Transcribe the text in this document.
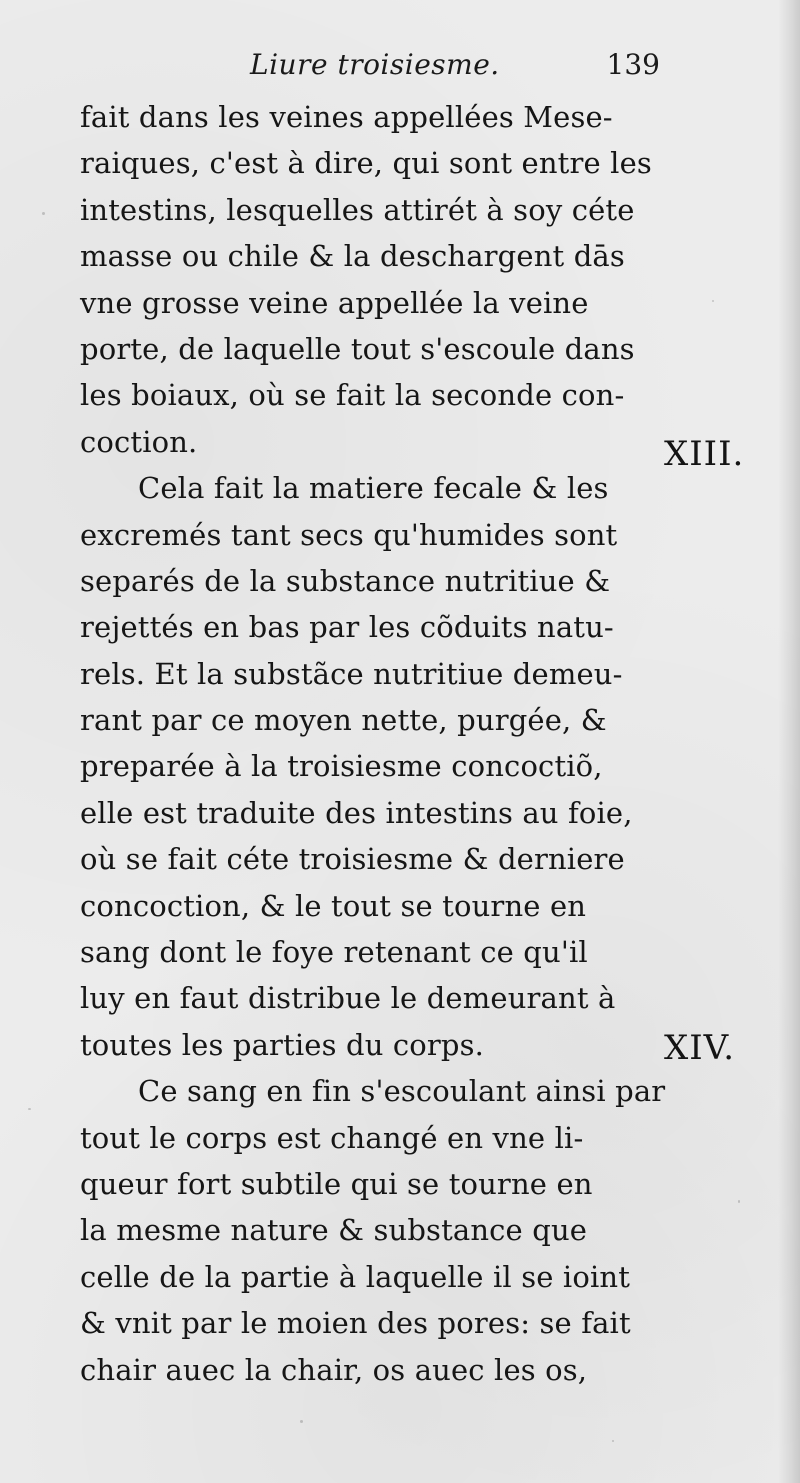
Liure troisiesme.	139
XIII.
XIV.
fait dans les veines appellées Mese-
raiques, c'est à dire, qui sont entre les
intestins, lesquelles attirét à soy céte
masse ou chile & la deschargent dās
vne grosse veine appellée la veine
porte, de laquelle tout s'escoule dans
les boiaux, où se fait la seconde con-
coction.
Cela fait la matiere fecale & les
excremés tant secs qu'humides sont
separés de la substance nutritiue &
rejettés en bas par les cõduits natu-
rels. Et la substãce nutritiue demeu-
rant par ce moyen nette, purgée, &
preparée à la troisiesme concoctiõ,
elle est traduite des intestins au foie,
où se fait céte troisiesme & derniere
concoction, & le tout se tourne en
sang dont le foye retenant ce qu'il
luy en faut distribue le demeurant à
toutes les parties du corps.
Ce sang en fin s'escoulant ainsi par
tout le corps est changé en vne li-
queur fort subtile qui se tourne en
la mesme nature & substance que
celle de la partie à laquelle il se ioint
& vnit par le moien des pores: se fait
chair auec la chair, os auec les os,
